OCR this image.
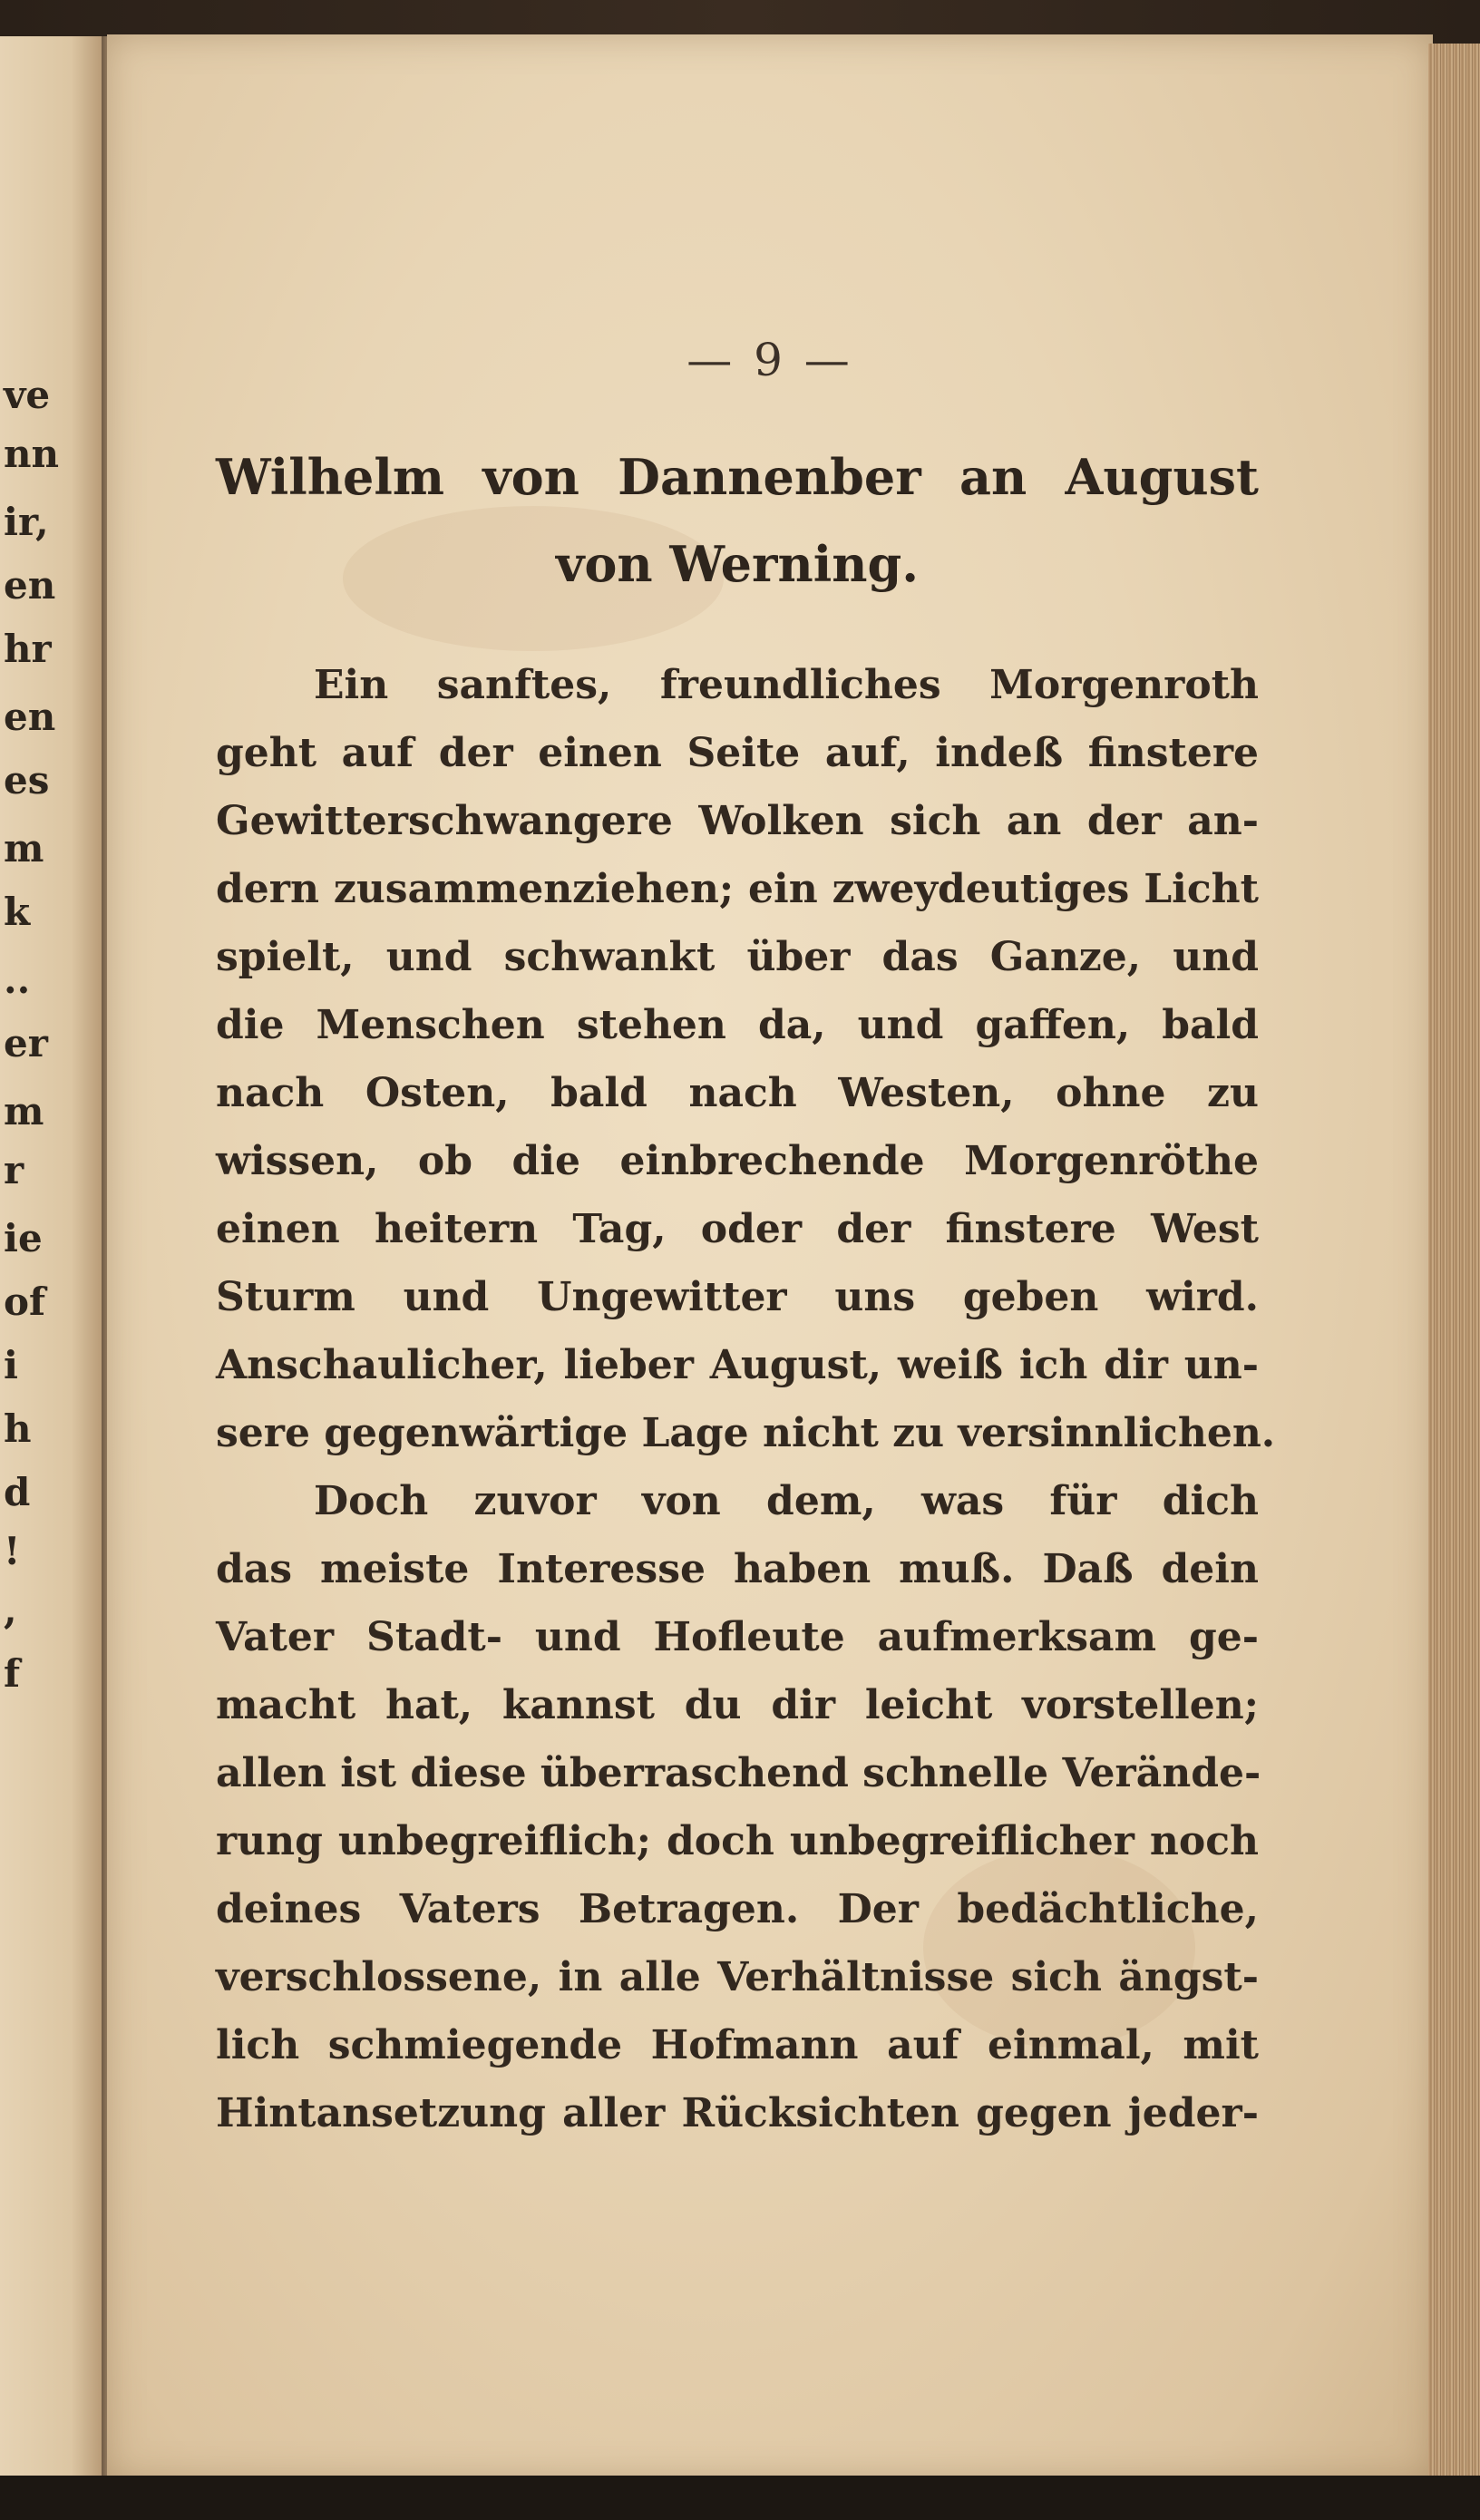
ve
nn
ir,
en
hr
en
es
m
k
..
er
m
r
ie
of
i
h
d
!
,
f
— 9 —
Wilhelm von Dannenber an August
von Werning.
Ein sanftes, freundliches Morgenroth
geht auf der einen Seite auf, indeß finstere
Gewitterschwangere Wolken sich an der an-
dern zusammenziehen; ein zweydeutiges Licht
spielt, und schwankt über das Ganze, und
die Menschen stehen da, und gaffen, bald
nach Osten, bald nach Westen, ohne zu
wissen, ob die einbrechende Morgenröthe
einen heitern Tag, oder der finstere West
Sturm und Ungewitter uns geben wird.
Anschaulicher, lieber August, weiß ich dir un-
sere gegenwärtige Lage nicht zu versinnlichen.
Doch zuvor von dem, was für dich
das meiste Interesse haben muß. Daß dein
Vater Stadt- und Hofleute aufmerksam ge-
macht hat, kannst du dir leicht vorstellen;
allen ist diese überraschend schnelle Verände-
rung unbegreiflich; doch unbegreiflicher noch
deines Vaters Betragen. Der bedächtliche,
verschlossene, in alle Verhältnisse sich ängst-
lich schmiegende Hofmann auf einmal, mit
Hintansetzung aller Rücksichten gegen jeder-
